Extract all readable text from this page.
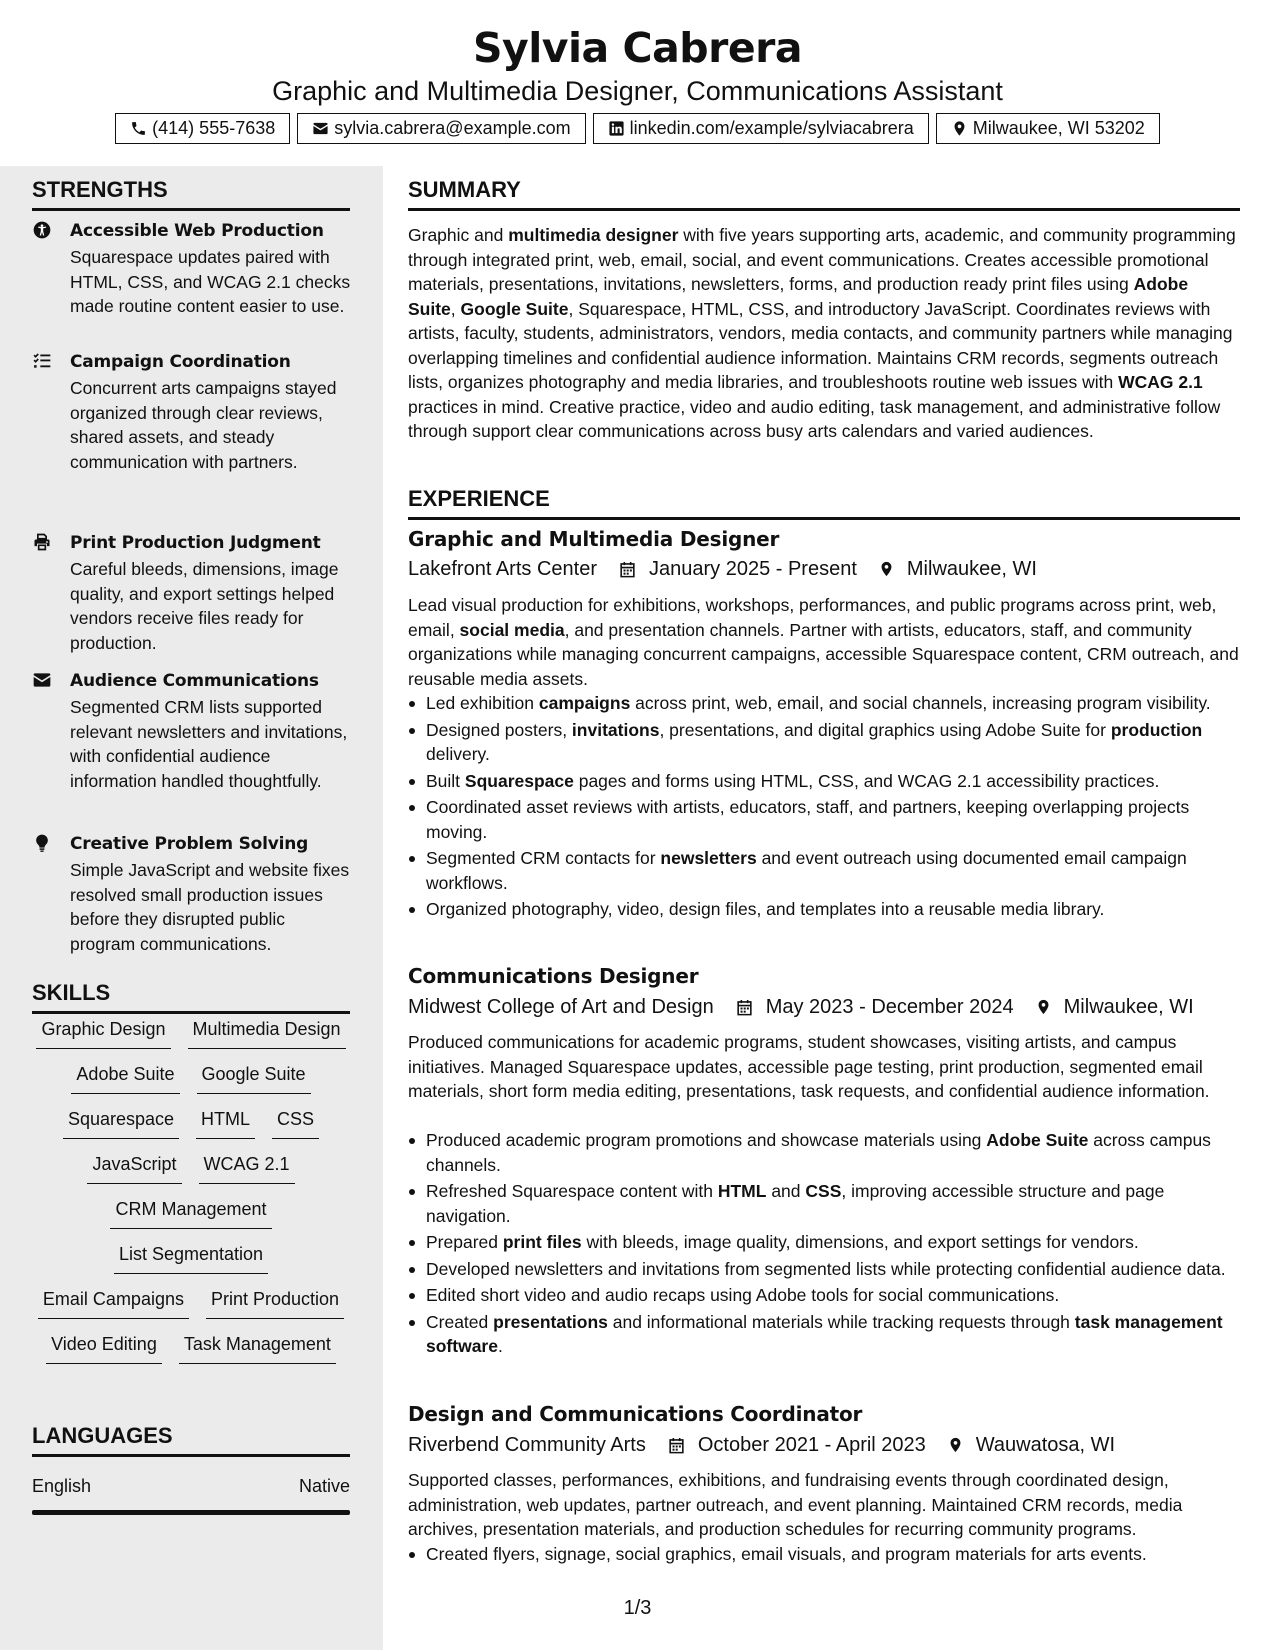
Sylvia Cabrera
Graphic and Multimedia Designer, Communications Assistant
(414) 555-7638	sylvia.cabrera@example.com	linkedin.com/example/sylviacabrera	Milwaukee, WI 53202
STRENGTHS
Accessible Web Production
Squarespace updates paired with HTML, CSS, and WCAG 2.1 checks made routine content easier to use.
Campaign Coordination
Concurrent arts campaigns stayed organized through clear reviews, shared assets, and steady communication with partners.
Print Production Judgment
Careful bleeds, dimensions, image quality, and export settings helped vendors receive files ready for production.
Audience Communications
Segmented CRM lists supported relevant newsletters and invitations, with confidential audience information handled thoughtfully.
Creative Problem Solving
Simple JavaScript and website fixes resolved small production issues before they disrupted public program communications.
SKILLS
Graphic Design Multimedia Design
Adobe Suite Google Suite
Squarespace HTML CSS
JavaScript WCAG 2.1
CRM Management
List Segmentation
Email Campaigns Print Production
Video Editing Task Management
LANGUAGES
English	Native
SUMMARY
Graphic and multimedia designer with five years supporting arts, academic, and community programming through integrated print, web, email, social, and event communications. Creates accessible promotional materials, presentations, invitations, newsletters, forms, and production ready print files using Adobe Suite, Google Suite, Squarespace, HTML, CSS, and introductory JavaScript. Coordinates reviews with artists, faculty, students, administrators, vendors, media contacts, and community partners while managing overlapping timelines and confidential audience information. Maintains CRM records, segments outreach lists, organizes photography and media libraries, and troubleshoots routine web issues with WCAG 2.1 practices in mind. Creative practice, video and audio editing, task management, and administrative follow through support clear communications across busy arts calendars and varied audiences.
EXPERIENCE
Graphic and Multimedia Designer
Lakefront Arts Center	January 2025 - Present	Milwaukee, WI
Lead visual production for exhibitions, workshops, performances, and public programs across print, web, email, social media, and presentation channels. Partner with artists, educators, staff, and community organizations while managing concurrent campaigns, accessible Squarespace content, CRM outreach, and reusable media assets.
Led exhibition campaigns across print, web, email, and social channels, increasing program visibility.
Designed posters, invitations, presentations, and digital graphics using Adobe Suite for production delivery.
Built Squarespace pages and forms using HTML, CSS, and WCAG 2.1 accessibility practices.
Coordinated asset reviews with artists, educators, staff, and partners, keeping overlapping projects moving.
Segmented CRM contacts for newsletters and event outreach using documented email campaign workflows.
Organized photography, video, design files, and templates into a reusable media library.
Communications Designer
Midwest College of Art and Design	May 2023 - December 2024	Milwaukee, WI
Produced communications for academic programs, student showcases, visiting artists, and campus initiatives. Managed Squarespace updates, accessible page testing, print production, segmented email materials, short form media editing, presentations, task requests, and confidential audience information.
Produced academic program promotions and showcase materials using Adobe Suite across campus channels.
Refreshed Squarespace content with HTML and CSS, improving accessible structure and page navigation.
Prepared print files with bleeds, image quality, dimensions, and export settings for vendors.
Developed newsletters and invitations from segmented lists while protecting confidential audience data.
Edited short video and audio recaps using Adobe tools for social communications.
Created presentations and informational materials while tracking requests through task management software.
Design and Communications Coordinator
Riverbend Community Arts	October 2021 - April 2023	Wauwatosa, WI
Supported classes, performances, exhibitions, and fundraising events through coordinated design, administration, web updates, partner outreach, and event planning. Maintained CRM records, media archives, presentation materials, and production schedules for recurring community programs.
Created flyers, signage, social graphics, email visuals, and program materials for arts events.
1/3
